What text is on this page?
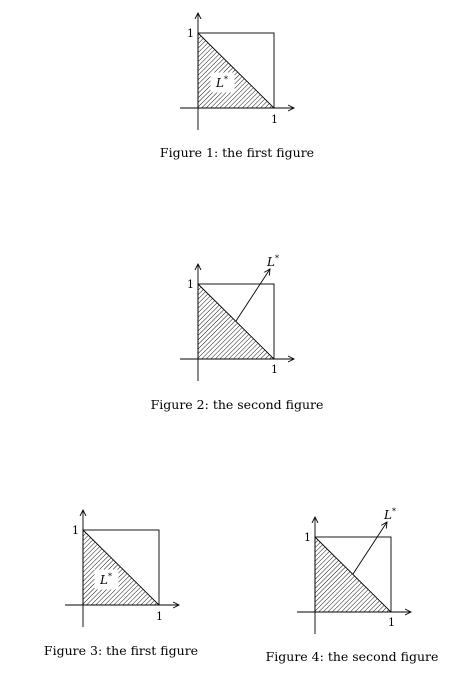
L*
1
1
Figure 1: the first figure
L*
1
1
Figure 2: the second figure
L*
1
1
Figure 3: the first figure
L*
1
1
Figure 4: the second figure
